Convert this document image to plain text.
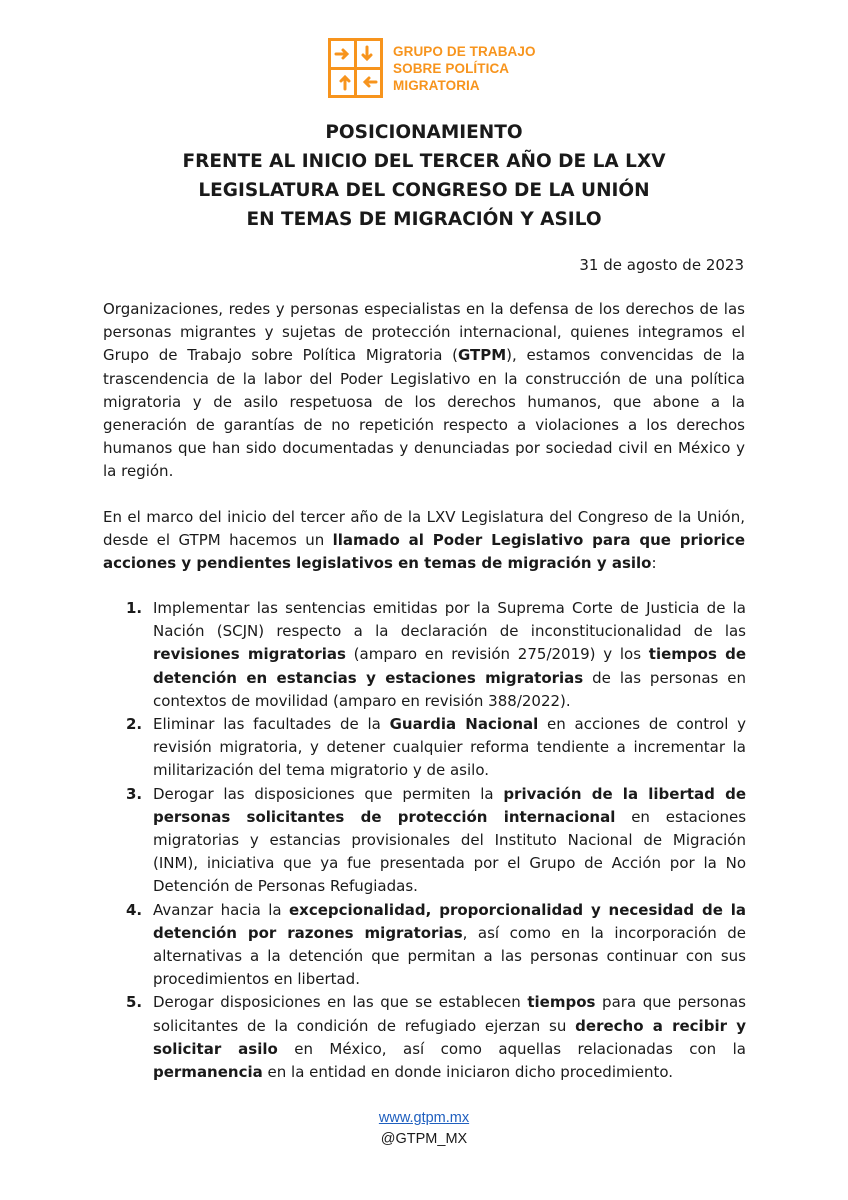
GRUPO DE TRABAJO
SOBRE POLÍTICA
MIGRATORIA
POSICIONAMIENTO
FRENTE AL INICIO DEL TERCER AÑO DE LA LXV
LEGISLATURA DEL CONGRESO DE LA UNIÓN
EN TEMAS DE MIGRACIÓN Y ASILO
31 de agosto de 2023

Organizaciones, redes y personas especialistas en la defensa de los derechos de las personas migrantes y sujetas de protección internacional, quienes integramos el Grupo de Trabajo sobre Política Migratoria (GTPM), estamos convencidas de la trascendencia de la labor del Poder Legislativo en la construcción de una política migratoria y de asilo respetuosa de los derechos humanos, que abone a la generación de garantías de no repetición respecto a violaciones a los derechos humanos que han sido documentadas y denunciadas por sociedad civil en México y la región.

En el marco del inicio del tercer año de la LXV Legislatura del Congreso de la Unión, desde el GTPM hacemos un llamado al Poder Legislativo para que priorice acciones y pendientes legislativos en temas de migración y asilo:

1. Implementar las sentencias emitidas por la Suprema Corte de Justicia de la Nación (SCJN) respecto a la declaración de inconstitucionalidad de las revisiones migratorias (amparo en revisión 275/2019) y los tiempos de detención en estancias y estaciones migratorias de las personas en contextos de movilidad (amparo en revisión 388/2022).
2. Eliminar las facultades de la Guardia Nacional en acciones de control y revisión migratoria, y detener cualquier reforma tendiente a incrementar la militarización del tema migratorio y de asilo.
3. Derogar las disposiciones que permiten la privación de la libertad de personas solicitantes de protección internacional en estaciones migratorias y estancias provisionales del Instituto Nacional de Migración (INM), iniciativa que ya fue presentada por el Grupo de Acción por la No Detención de Personas Refugiadas.
4. Avanzar hacia la excepcionalidad, proporcionalidad y necesidad de la detención por razones migratorias, así como en la incorporación de alternativas a la detención que permitan a las personas continuar con sus procedimientos en libertad.
5. Derogar disposiciones en las que se establecen tiempos para que personas solicitantes de la condición de refugiado ejerzan su derecho a recibir y solicitar asilo en México, así como aquellas relacionadas con la permanencia en la entidad en donde iniciaron dicho procedimiento.
www.gtpm.mx
@GTPM_MX
